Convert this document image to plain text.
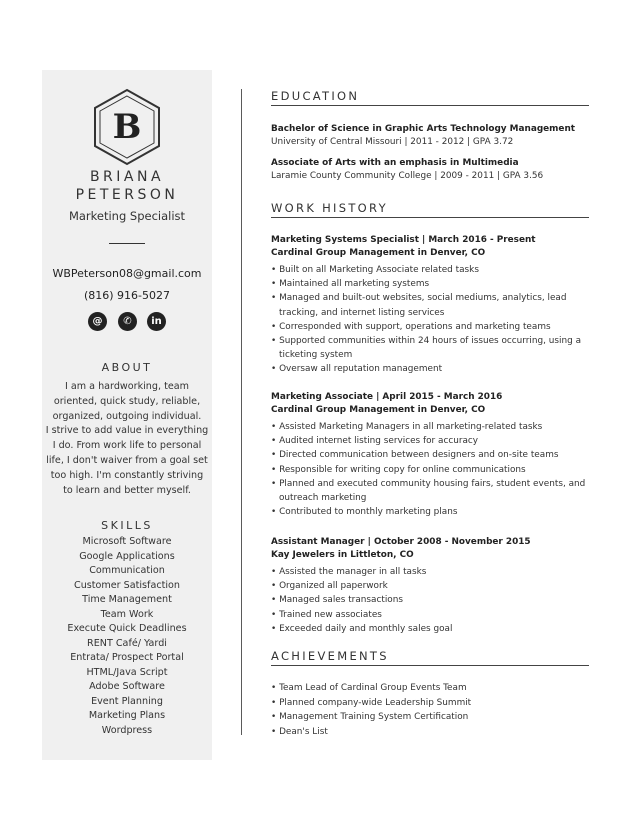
B
BRIANA
PETERSON
Marketing Specialist
WBPeterson08@gmail.com
(816) 916-5027
@	✆	in
ABOUT
I am a hardworking, team
oriented, quick study, reliable,
organized, outgoing individual.
I strive to add value in everything
I do. From work life to personal
life, I don't waiver from a goal set
too high. I'm constantly striving
to learn and better myself.
SKILLS
Microsoft Software
Google Applications
Communication
Customer Satisfaction
Time Management
Team Work
Execute Quick Deadlines
RENT Café/ Yardi
Entrata/ Prospect Portal
HTML/Java Script
Adobe Software
Event Planning
Marketing Plans
Wordpress
EDUCATION
Bachelor of Science in Graphic Arts Technology Management
University of Central Missouri | 2011 - 2012 | GPA 3.72
Associate of Arts with an emphasis in Multimedia
Laramie County Community College | 2009 - 2011 | GPA 3.56
WORK HISTORY
Marketing Systems Specialist | March 2016 - Present
Cardinal Group Management in Denver, CO
• Built on all Marketing Associate related tasks
• Maintained all marketing systems
• Managed and built-out websites, social mediums, analytics, lead tracking, and internet listing services
• Corresponded with support, operations and marketing teams
• Supported communities within 24 hours of issues occurring, using a ticketing system
• Oversaw all reputation management
Marketing Associate | April 2015 - March 2016
Cardinal Group Management in Denver, CO
• Assisted Marketing Managers in all marketing-related tasks
• Audited internet listing services for accuracy
• Directed communication between designers and on-site teams
• Responsible for writing copy for online communications
• Planned and executed community housing fairs, student events, and outreach marketing
• Contributed to monthly marketing plans
Assistant Manager | October 2008 - November 2015
Kay Jewelers in Littleton, CO
• Assisted the manager in all tasks
• Organized all paperwork
• Managed sales transactions
• Trained new associates
• Exceeded daily and monthly sales goal
ACHIEVEMENTS
• Team Lead of Cardinal Group Events Team
• Planned company-wide Leadership Summit
• Management Training System Certification
• Dean's List
